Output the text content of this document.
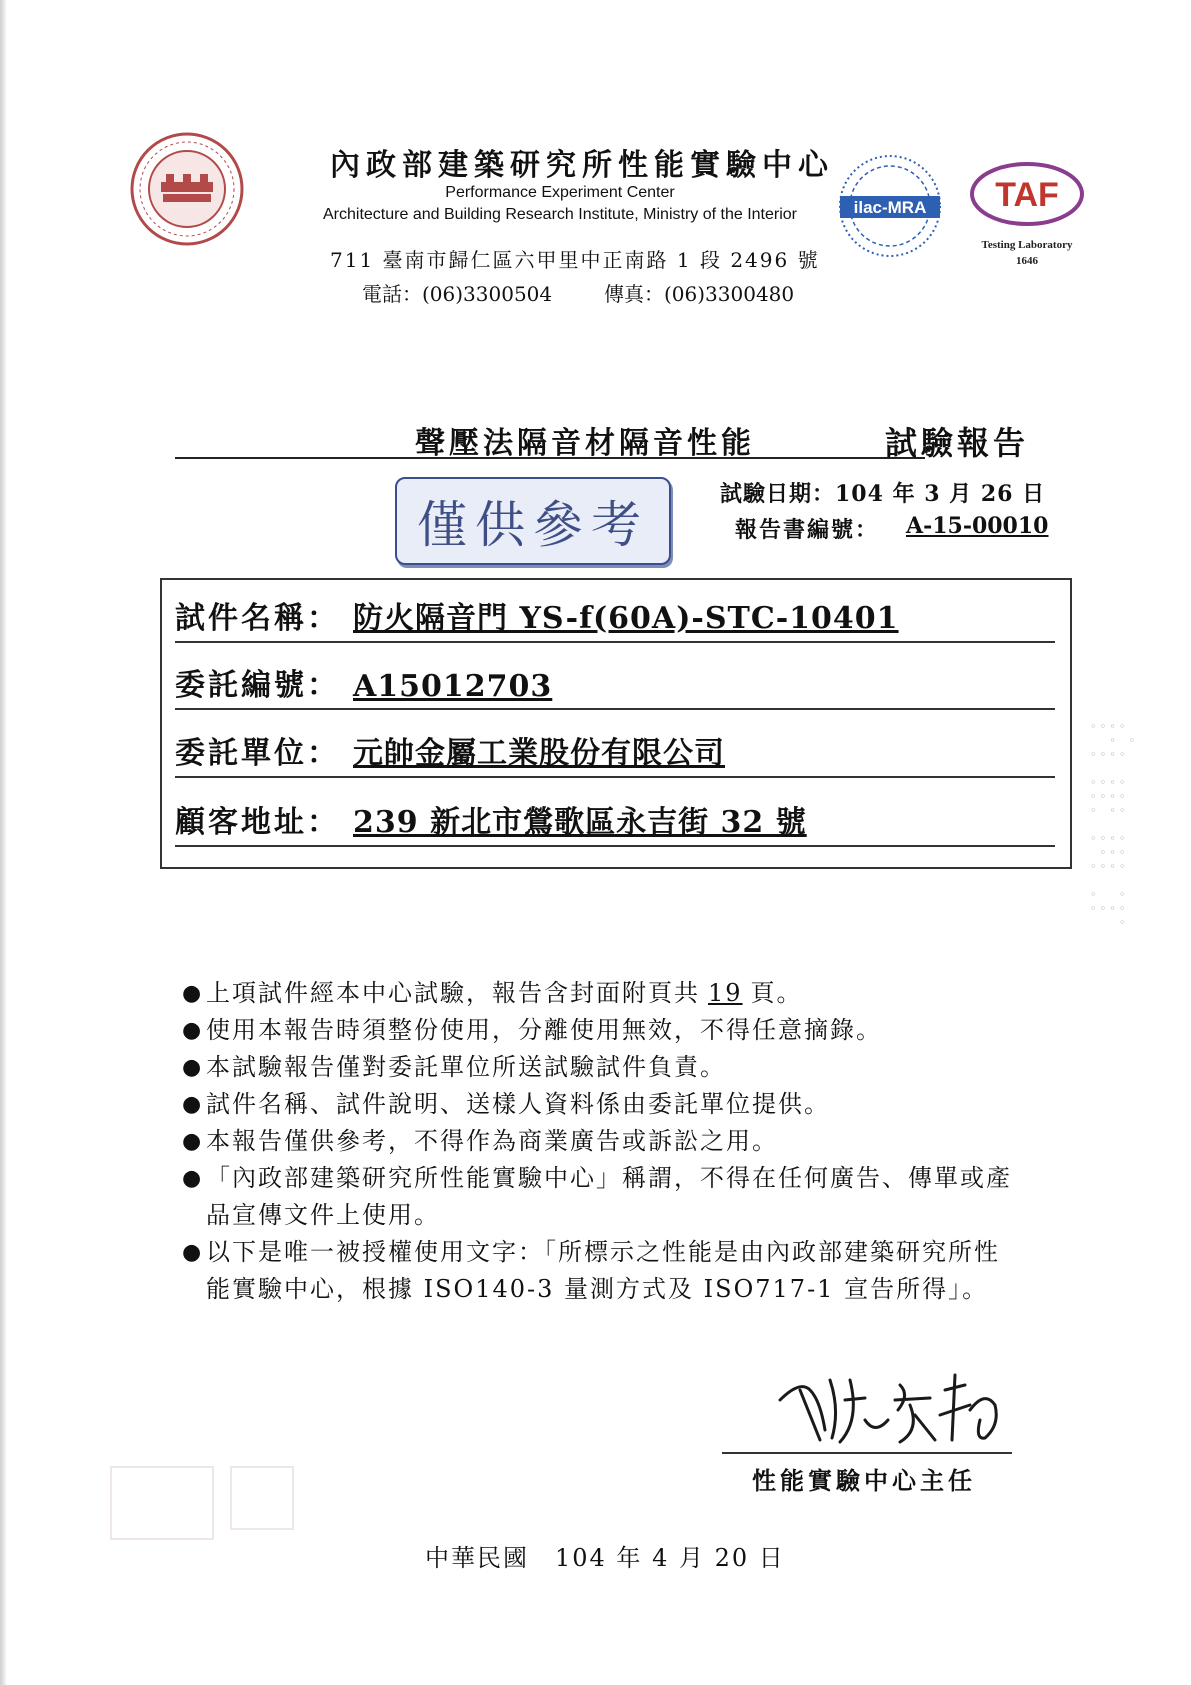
內政部建築研究所性能實驗中心
Performance Experiment Center
Architecture and Building Research Institute, Ministry of the Interior
711 臺南市歸仁區六甲里中正南路 1 段 2496 號
電話：(06)3300504	傳真：(06)3300480
ilac-MRA TAF
Testing Laboratory
1646
聲壓法隔音材隔音性能	試驗報告
僅供參考
試驗日期：104 年 3 月 26 日
報告書編號： A-15-00010
試件名稱： 防火隔音門 YS-f(60A)-STC-10401
委託編號： A15012703
委託單位： 元帥金屬工業股份有限公司
顧客地址： 239 新北市鶯歌區永吉街 32 號
◦◦◦◦
◦ ◦
◦◦◦◦

◦◦◦◦
◦◦◦◦
◦ ◦◦

◦◦◦◦
◦◦◦
◦◦◦◦

◦  ◦
◦◦◦◦
◦
● 上項試件經本中心試驗，報告含封面附頁共 19 頁。
● 使用本報告時須整份使用，分離使用無效，不得任意摘錄。
● 本試驗報告僅對委託單位所送試驗試件負責。
● 試件名稱、試件說明、送樣人資料係由委託單位提供。
● 本報告僅供參考，不得作為商業廣告或訴訟之用。
● 「內政部建築研究所性能實驗中心」稱謂，不得在任何廣告、傳單或產品宣傳文件上使用。
● 以下是唯一被授權使用文字：「所標示之性能是由內政部建築研究所性能實驗中心，根據 ISO140-3 量測方式及 ISO717-1 宣告所得」。
性能實驗中心主任
中華民國　104 年 4 月 20 日
